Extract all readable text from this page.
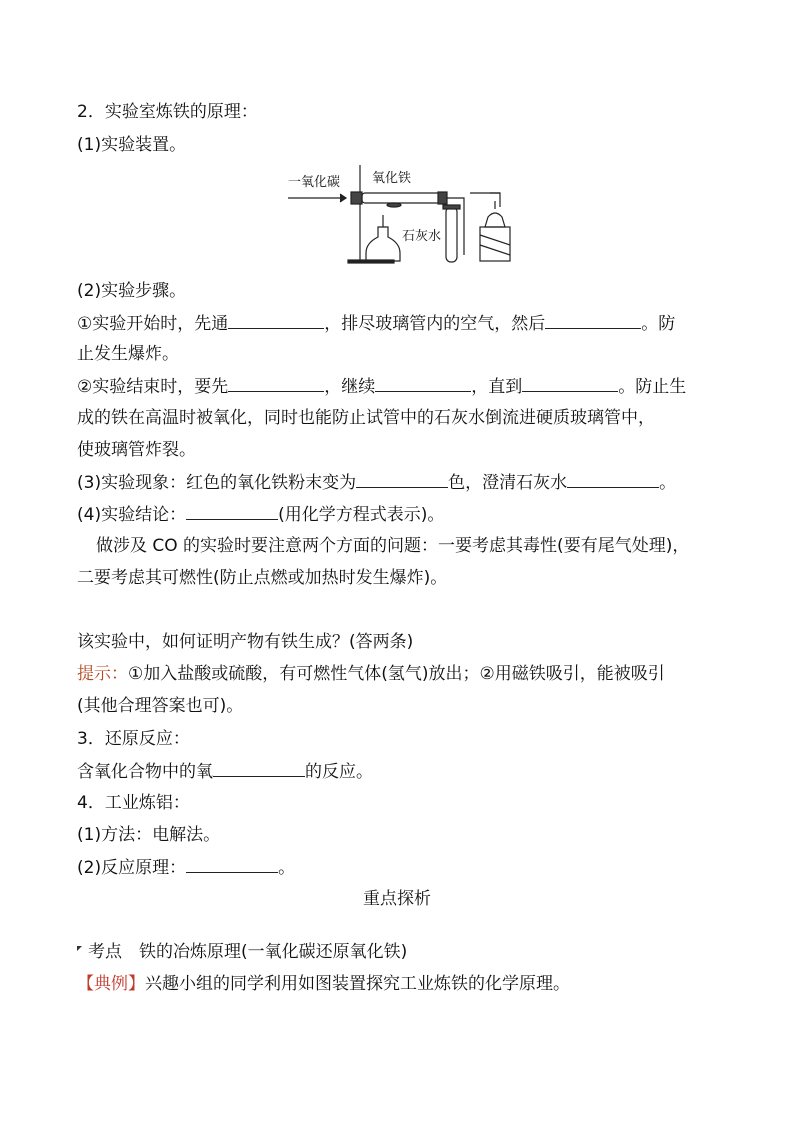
2．实验室炼铁的原理：
(1)实验装置。
一氧化碳 氧化铁
石灰水
(2)实验步骤。
①实验开始时，先通	，排尽玻璃管内的空气，然后	。防
止发生爆炸。
②实验结束时，要先	，继续	，直到	。防止生
成的铁在高温时被氧化，同时也能防止试管中的石灰水倒流进硬质玻璃管中，
使玻璃管炸裂。
(3)实验现象：红色的氧化铁粉末变为	色，澄清石灰水	。
(4)实验结论：	(用化学方程式表示)。
做涉及 CO 的实验时要注意两个方面的问题：一要考虑其毒性(要有尾气处理)，
二要考虑其可燃性(防止点燃或加热时发生爆炸)。
该实验中，如何证明产物有铁生成？(答两条)
提示：①加入盐酸或硫酸，有可燃性气体(氢气)放出；②用磁铁吸引，能被吸引
(其他合理答案也可)。
3．还原反应：
含氧化合物中的氧	的反应。
4．工业炼铝：
(1)方法：电解法。
(2)反应原理：	。
重点探析
考点　铁的冶炼原理(一氧化碳还原氧化铁)
【典例】兴趣小组的同学利用如图装置探究工业炼铁的化学原理。
